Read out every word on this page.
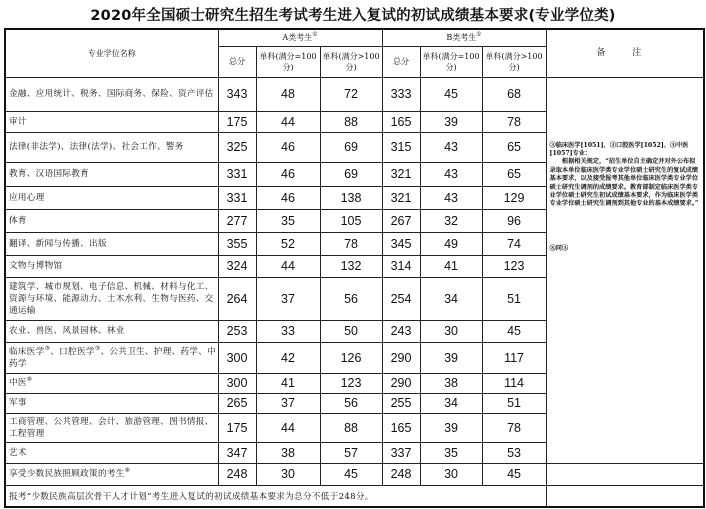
2020年全国硕士研究生招生考试考生进入复试的初试成绩基本要求(专业学位类)
专业学位名称	A类考生①			B类考生①			备 注
	总分	单科(满分=100分)	单科(满分>100分)	总分	单科(满分=100分)	单科(满分>100分)	
金融、应用统计、税务、国际商务、保险、资产评估	343	48	72	333	45	68	③临床医学[1051]、③口腔医学[1052]、③中医[1057]专业：

根据相关规定，“招生单位自主确定并对外公布拟录取本单位临床医学类专业学位硕士研究生的复试成绩基本要求，以及接受报考其他单位临床医学类专业学位硕士研究生调剂的成绩要求。教育部制定临床医学类专业学位硕士研究生初试成绩基本要求，作为临床医学类专业学位硕士研究生调剂到其他专业的基本成绩要求。”

⑧同③

审计	175	44	88	165	39	78	
法律(非法学)、法律(法学)、社会工作、警务	325	46	69	315	43	65	
教育、汉语国际教育	331	46	69	321	43	65	
应用心理	331	46	138	321	43	129	
体育	277	35	105	267	32	96	
翻译、新闻与传播、出版	355	52	78	345	49	74	
文物与博物馆	324	44	132	314	41	123	
建筑学、城市规划、电子信息、机械、材料与化工、资源与环境、能源动力、土木水利、生物与医药、交通运输	264	37	56	254	34	51	
农业、兽医、风景园林、林业	253	33	50	243	30	45	
临床医学③、口腔医学③、公共卫生、护理、药学、中药学	300	42	126	290	39	117	
中医⑧	300	41	123	290	38	114	
军事	265	37	56	255	34	51	
工商管理、公共管理、会计、旅游管理、图书情报、工程管理	175	44	88	165	39	78	
艺术	347	38	57	337	35	53	
享受少数民族照顾政策的考生⑨	248	30	45	248	30	45	
报考“少数民族高层次骨干人才计划”考生进入复试的初试成绩基本要求为总分不低于248分。							
